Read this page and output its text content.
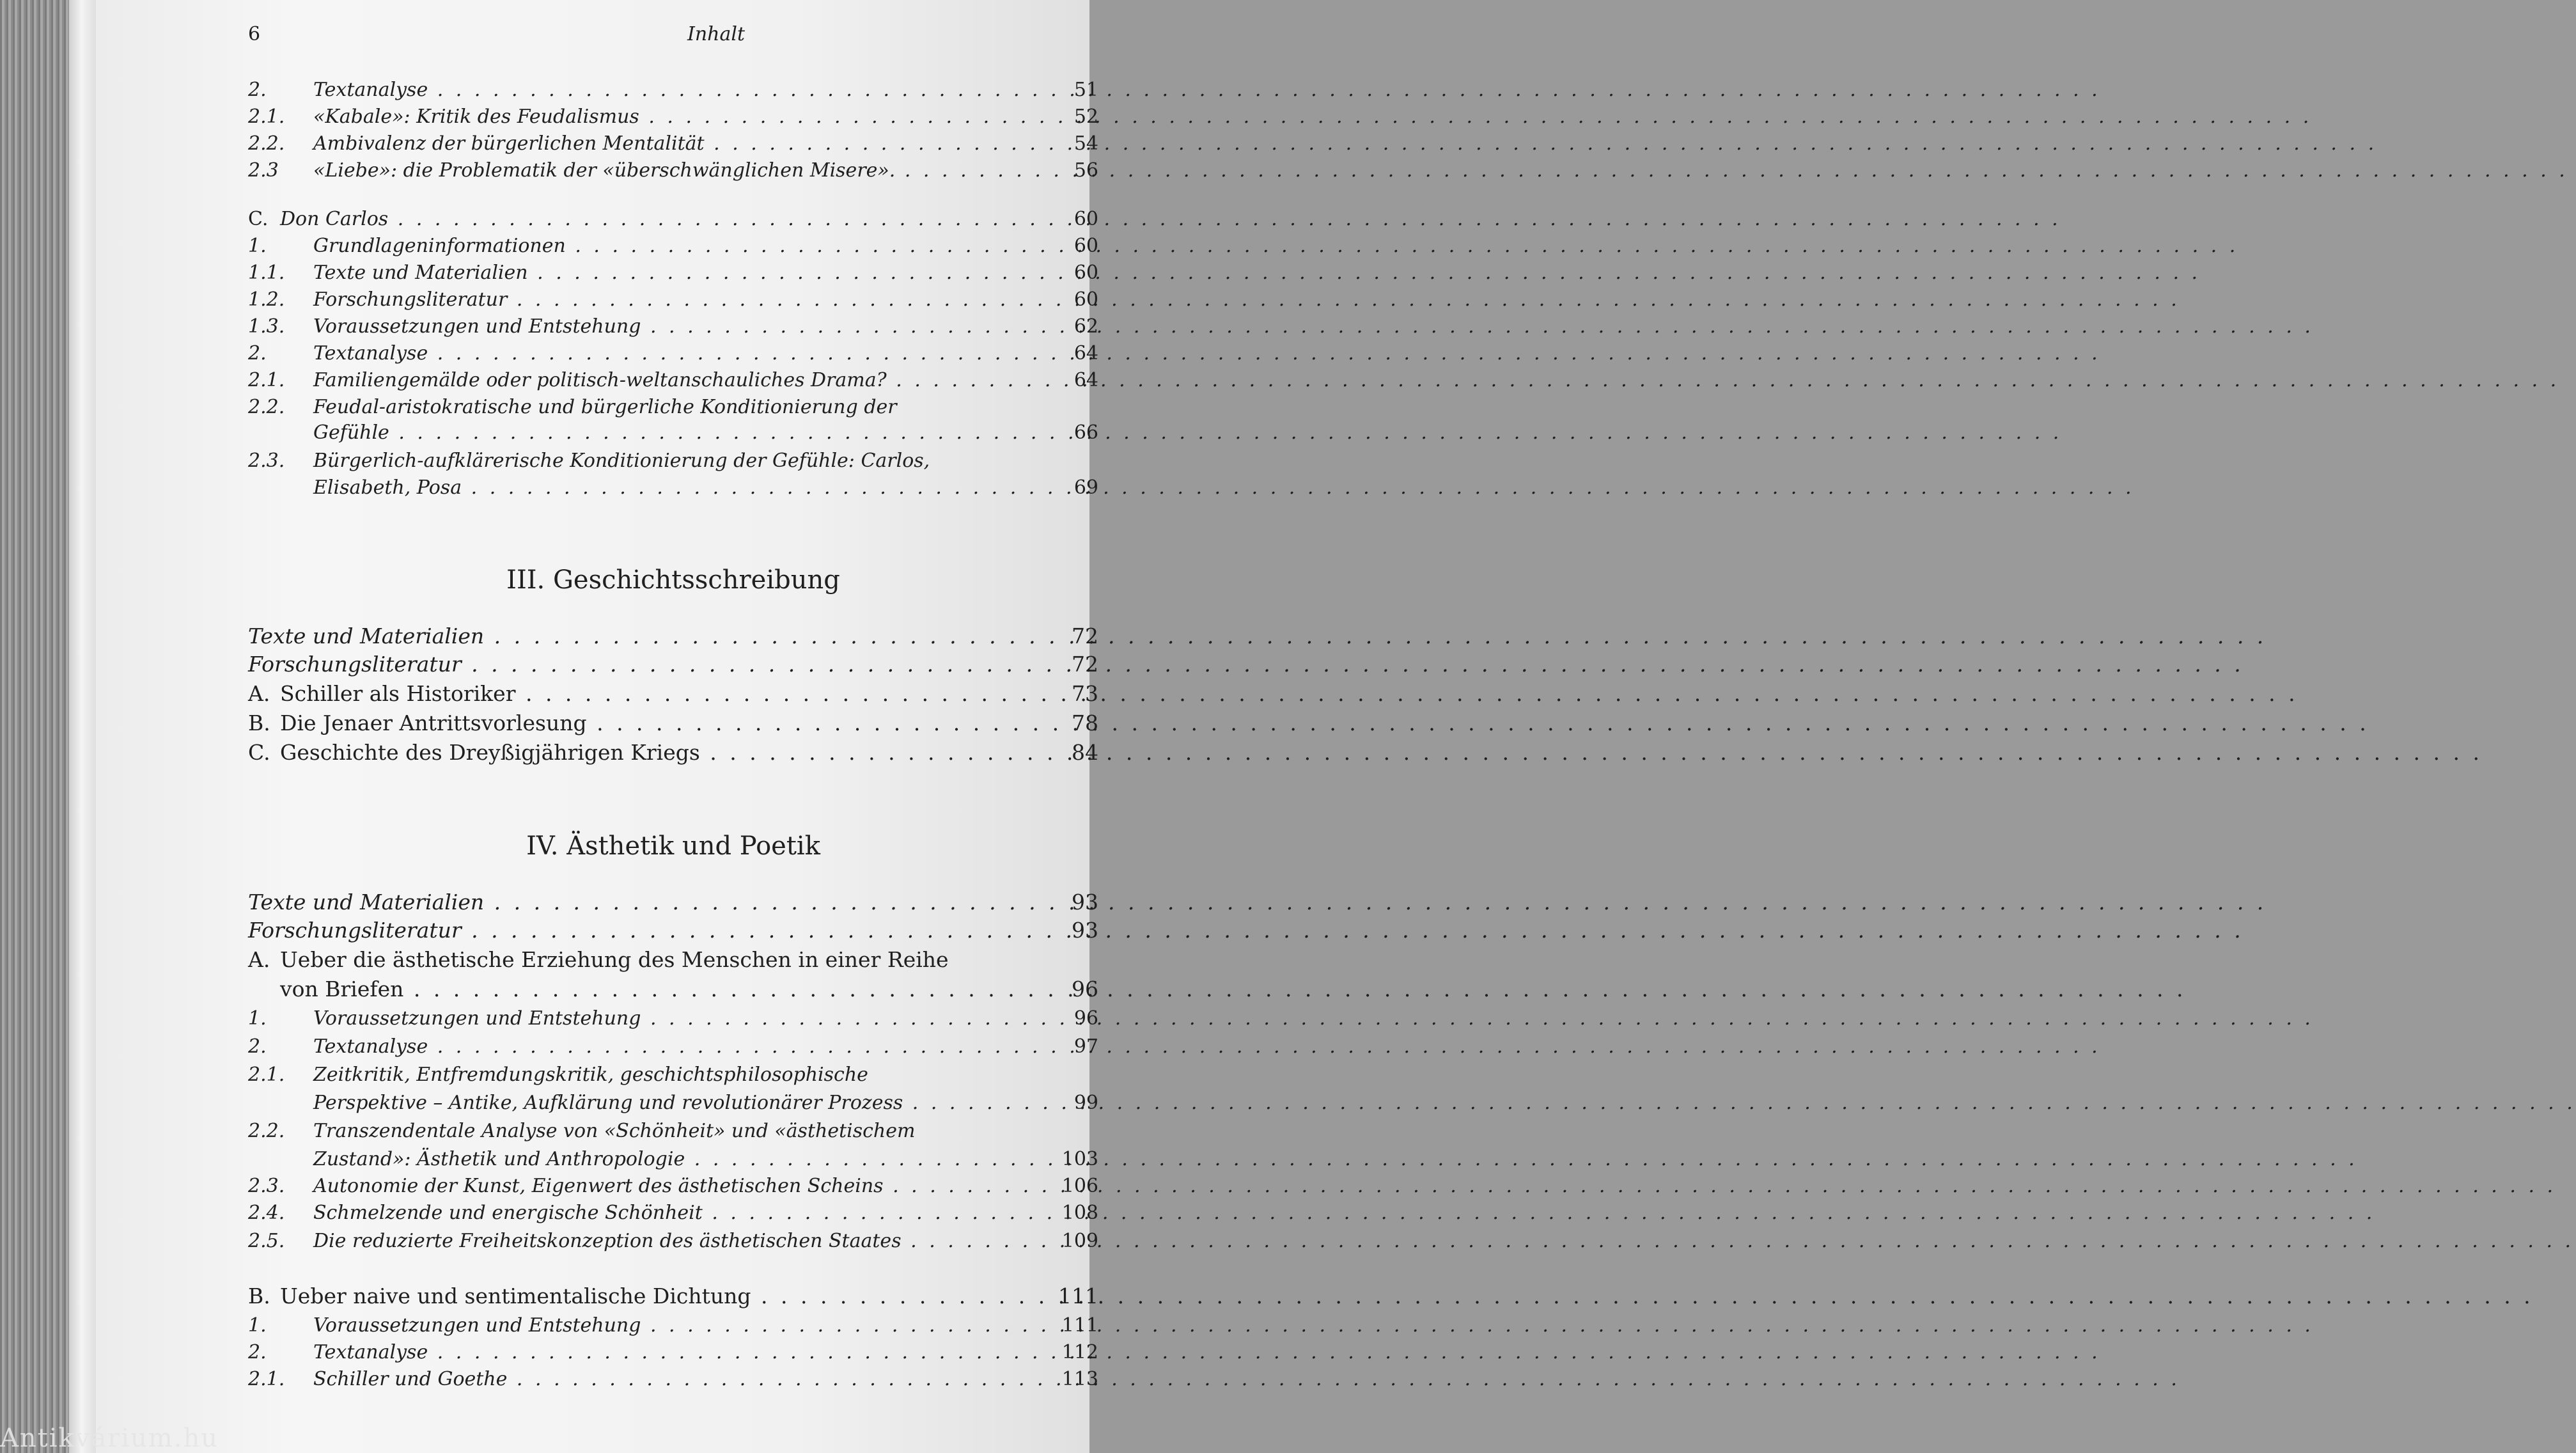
6	Inhalt
2. Textanalyse . . .	51
2.1. «Kabale»: Kritik des Feudalismus . . .	52
2.2. Ambivalenz der bürgerlichen Mentalität . . .	54
2.3 «Liebe»: die Problematik der «überschwänglichen Misere». . . .	56
C. Don Carlos . . .	60
1. Grundlageninformationen . . .	60
1.1. Texte und Materialien . . .	60
1.2. Forschungsliteratur . . .	60
1.3. Voraussetzungen und Entstehung . . .	62
2. Textanalyse . . .	64
2.1. Familiengemälde oder politisch-weltanschauliches Drama? . . .	64
2.2. Feudal-aristokratische und bürgerliche Konditionierung der
Gefühle . . .	66
2.3. Bürgerlich-aufklärerische Konditionierung der Gefühle: Carlos,
Elisabeth, Posa . . .	69
III. Geschichtsschreibung
Texte und Materialien . . .	72
Forschungsliteratur . . .	72
A. Schiller als Historiker . . .	73
B. Die Jenaer Antrittsvorlesung . . .	78
C. Geschichte des Dreyßigjährigen Kriegs . . .	84
IV. Ästhetik und Poetik
Texte und Materialien . . .	93
Forschungsliteratur . . .	93
A. Ueber die ästhetische Erziehung des Menschen in einer Reihe
von Briefen . . .	96
1. Voraussetzungen und Entstehung . . .	96
2. Textanalyse . . .	97
2.1. Zeitkritik, Entfremdungskritik, geschichtsphilosophische
Perspektive – Antike, Aufklärung und revolutionärer Prozess . . .	99
2.2. Transzendentale Analyse von «Schönheit» und «ästhetischem
Zustand»: Ästhetik und Anthropologie . . .	103
2.3. Autonomie der Kunst, Eigenwert des ästhetischen Scheins . . .	106
2.4. Schmelzende und energische Schönheit . . .	108
2.5. Die reduzierte Freiheitskonzeption des ästhetischen Staates . . .	109
B. Ueber naive und sentimentalische Dichtung . . .	111
1. Voraussetzungen und Entstehung . . .	111
2. Textanalyse . . .	112
2.1. Schiller und Goethe . . .	113
Antikvárium.hu
